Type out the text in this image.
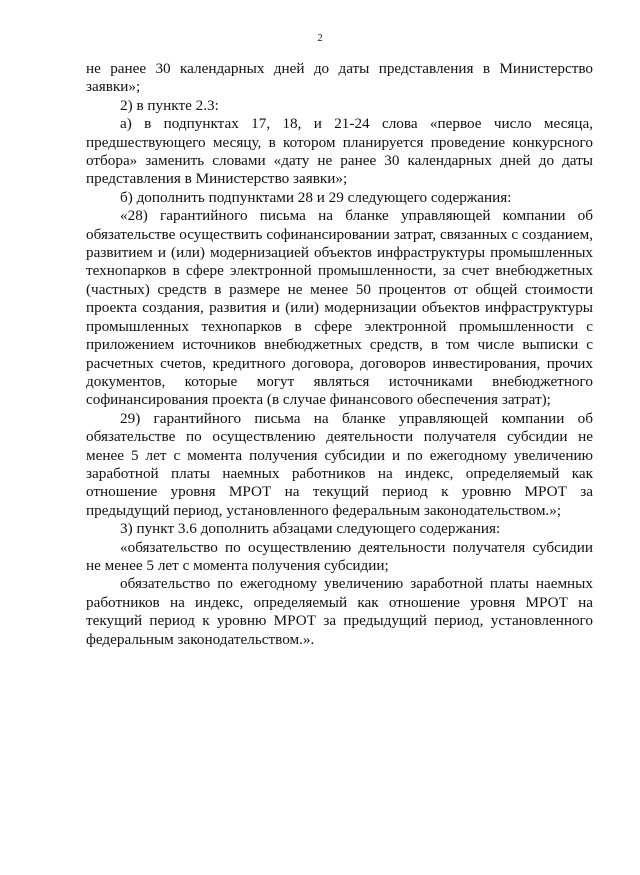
2

не ранее 30 календарных дней до даты представления в Министерство заявки»;

2) в пункте 2.3:

а) в подпунктах 17, 18, и 21-24 слова «первое число месяца, предшествующего месяцу, в котором планируется проведение конкурсного отбора» заменить словами «дату не ранее 30 календарных дней до даты представления в Министерство заявки»;

б) дополнить подпунктами 28 и 29 следующего содержания:

«28) гарантийного письма на бланке управляющей компании об обязательстве осуществить софинансировании затрат, связанных с созданием, развитием и (или) модернизацией объектов инфраструктуры промышленных технопарков в сфере электронной промышленности, за счет внебюджетных (частных) средств в размере не менее 50 процентов от общей стоимости проекта создания, развития и (или) модернизации объектов инфраструктуры промышленных технопарков в сфере электронной промышленности с приложением источников внебюджетных средств, в том числе выписки с расчетных счетов, кредитного договора, договоров инвестирования, прочих документов, которые могут являться источниками внебюджетного софинансирования проекта (в случае финансового обеспечения затрат);

29) гарантийного письма на бланке управляющей компании об обязательстве по осуществлению деятельности получателя субсидии не менее 5 лет с момента получения субсидии и по ежегодному увеличению заработной платы наемных работников на индекс, определяемый как отношение уровня МРОТ на текущий период к уровню МРОТ за предыдущий период, установленного федеральным законодательством.»;

3) пункт 3.6 дополнить абзацами следующего содержания:

«обязательство по осуществлению деятельности получателя субсидии не менее 5 лет с момента получения субсидии;

обязательство по ежегодному увеличению заработной платы наемных работников на индекс, определяемый как отношение уровня МРОТ на текущий период к уровню МРОТ за предыдущий период, установленного федеральным законодательством.».
